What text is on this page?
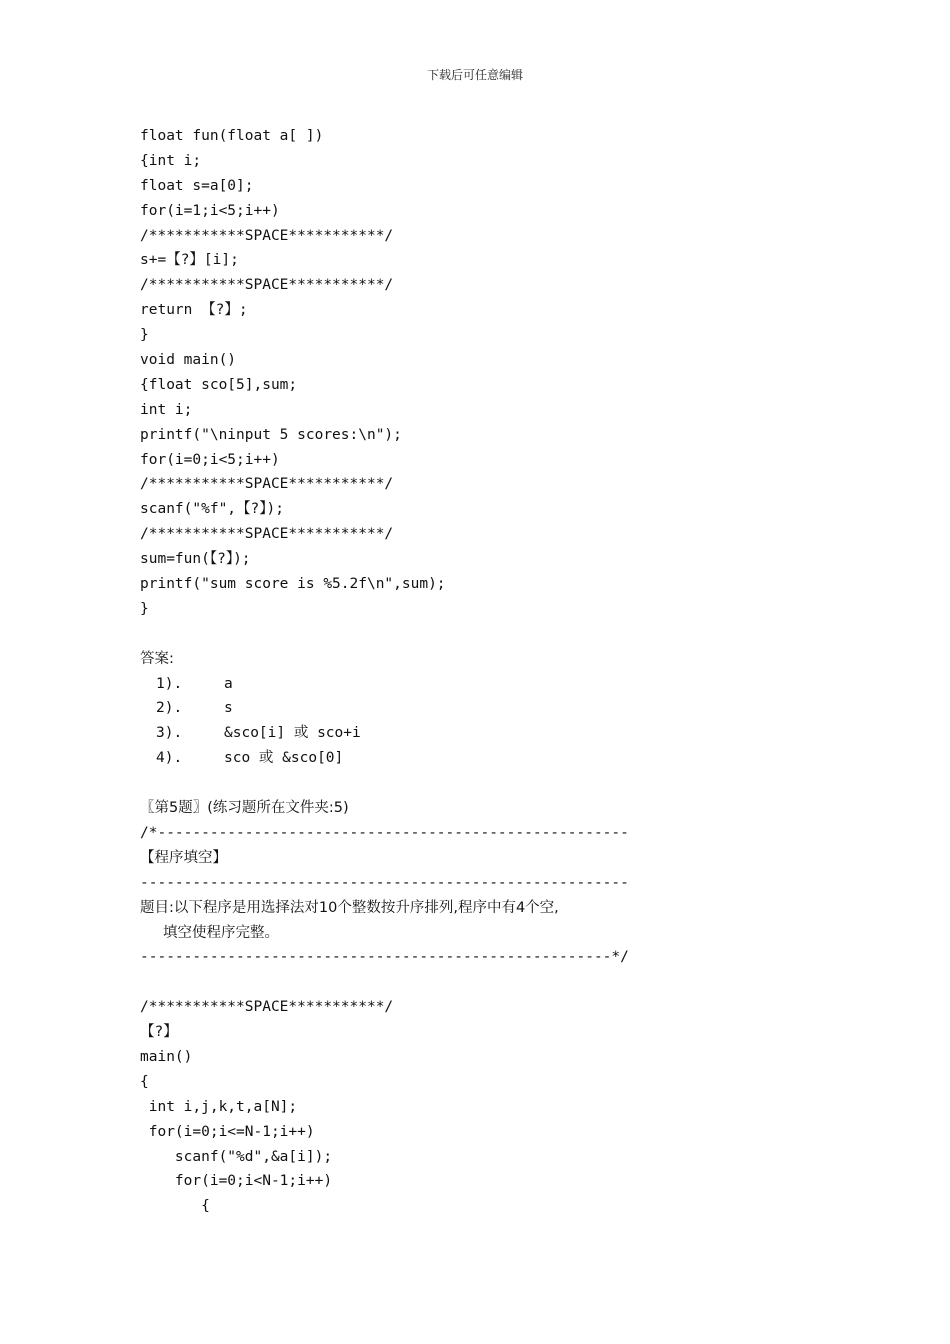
下载后可任意编辑
float fun(float a[ ])
{int i;
float s=a[0];
for(i=1;i<5;i++)
/***********SPACE***********/
s+=【?】[i];
/***********SPACE***********/
return 【?】;
}
void main()
{float sco[5],sum;
int i;
printf("\ninput 5 scores:\n");
for(i=0;i<5;i++)
/***********SPACE***********/
scanf("%f",【?】);
/***********SPACE***********/
sum=fun(【?】);
printf("sum score is %5.2f\n",sum);
}
答案:
1).	a
2).	s
3).	&sco[i] 或 sco+i
4).	sco 或 &sco[0]
〖第5题〗(练习题所在文件夹:5)
/*------------------------------------------------------
【程序填空】
--------------------------------------------------------
题目:以下程序是用选择法对10个整数按升序排列,程序中有4个空,
填空使程序完整。
------------------------------------------------------*/
/***********SPACE***********/
【?】
main()
{
int i,j,k,t,a[N];
for(i=0;i<=N-1;i++)
scanf("%d",&a[i]);
for(i=0;i<N-1;i++)
{
